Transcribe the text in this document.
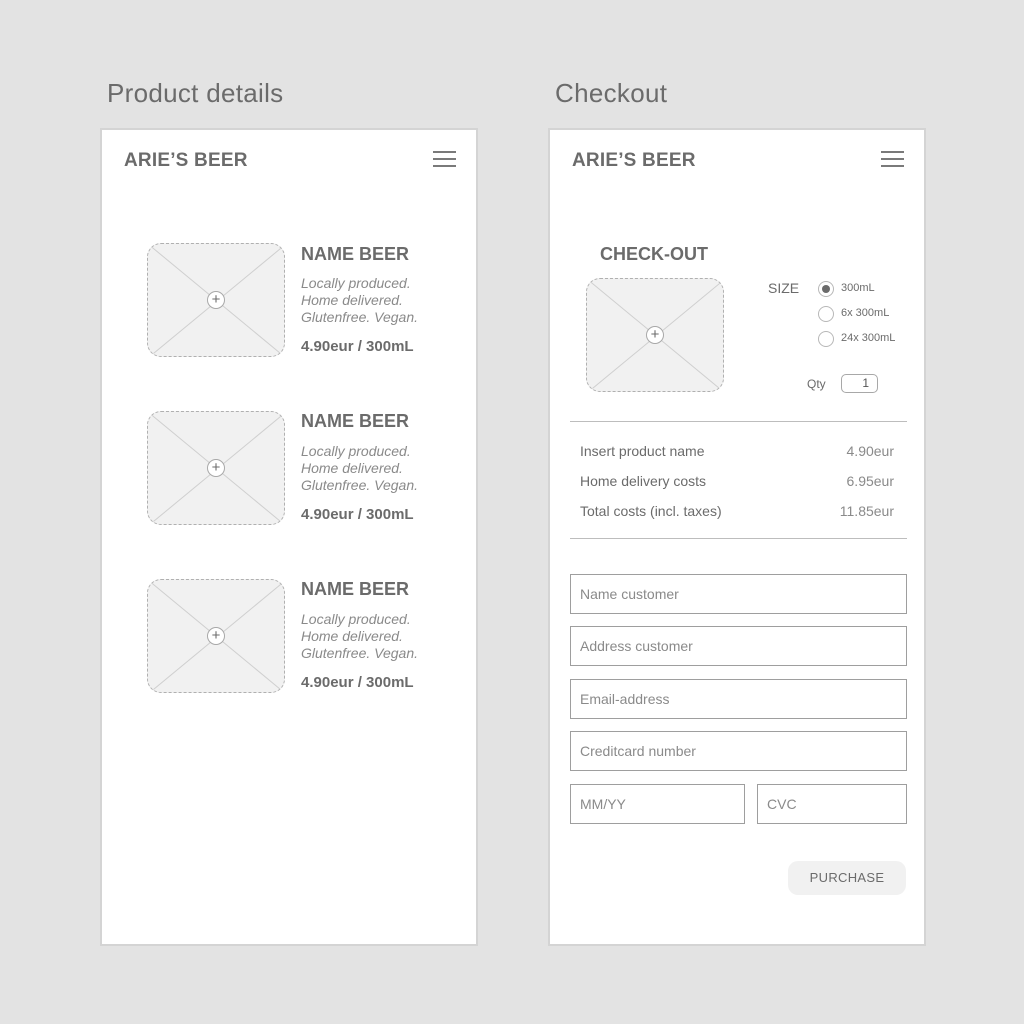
Product details	Checkout
ARIE’S BEER
+
NAME BEER
Locally produced.
Home delivered.
Glutenfree. Vegan.
4.90eur / 300mL
+
NAME BEER
Locally produced.
Home delivered.
Glutenfree. Vegan.
4.90eur / 300mL
+
NAME BEER
Locally produced.
Home delivered.
Glutenfree. Vegan.
4.90eur / 300mL
ARIE’S BEER
CHECK-OUT
+
SIZE	300mL
6x 300mL
24x 300mL
Qty	1
Insert product name	4.90eur
Home delivery costs	6.95eur
Total costs (incl. taxes)	11.85eur
Name customer
Address customer
Email-address
Creditcard number
MM/YY	CVC
PURCHASE
